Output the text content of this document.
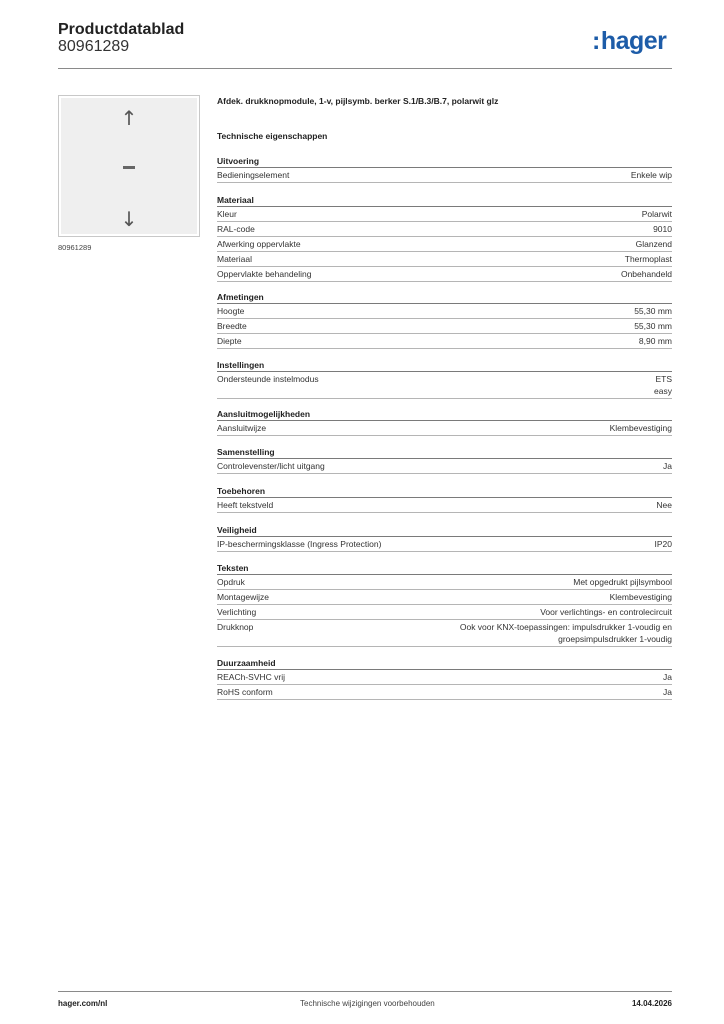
Productdatablad
80961289	:hager
↑
↓
80961289
Afdek. drukknopmodule, 1-v, pijlsymb. berker S.1/B.3/B.7, polarwit glz
Technische eigenschappen
Uitvoering
Bedieningselement	Enkele wip
Materiaal
Kleur	Polarwit
RAL-code	9010
Afwerking oppervlakte	Glanzend
Materiaal	Thermoplast
Oppervlakte behandeling	Onbehandeld
Afmetingen
Hoogte	55,30 mm
Breedte	55,30 mm
Diepte	8,90 mm
Instellingen
Ondersteunde instelmodus	ETS
easy
Aansluitmogelijkheden
Aansluitwijze	Klembevestiging
Samenstelling
Controlevenster/licht uitgang	Ja
Toebehoren
Heeft tekstveld	Nee
Veiligheid
IP-beschermingsklasse (Ingress Protection)	IP20
Teksten
Opdruk	Met opgedrukt pijlsymbool
Montagewijze	Klembevestiging
Verlichting	Voor verlichtings- en controlecircuit
Drukknop	Ook voor KNX-toepassingen: impulsdrukker 1-voudig en
groepsimpulsdrukker 1-voudig
Duurzaamheid
REACh-SVHC vrij	Ja
RoHS conform	Ja
hager.com/nl	Technische wijzigingen voorbehouden	14.04.2026
